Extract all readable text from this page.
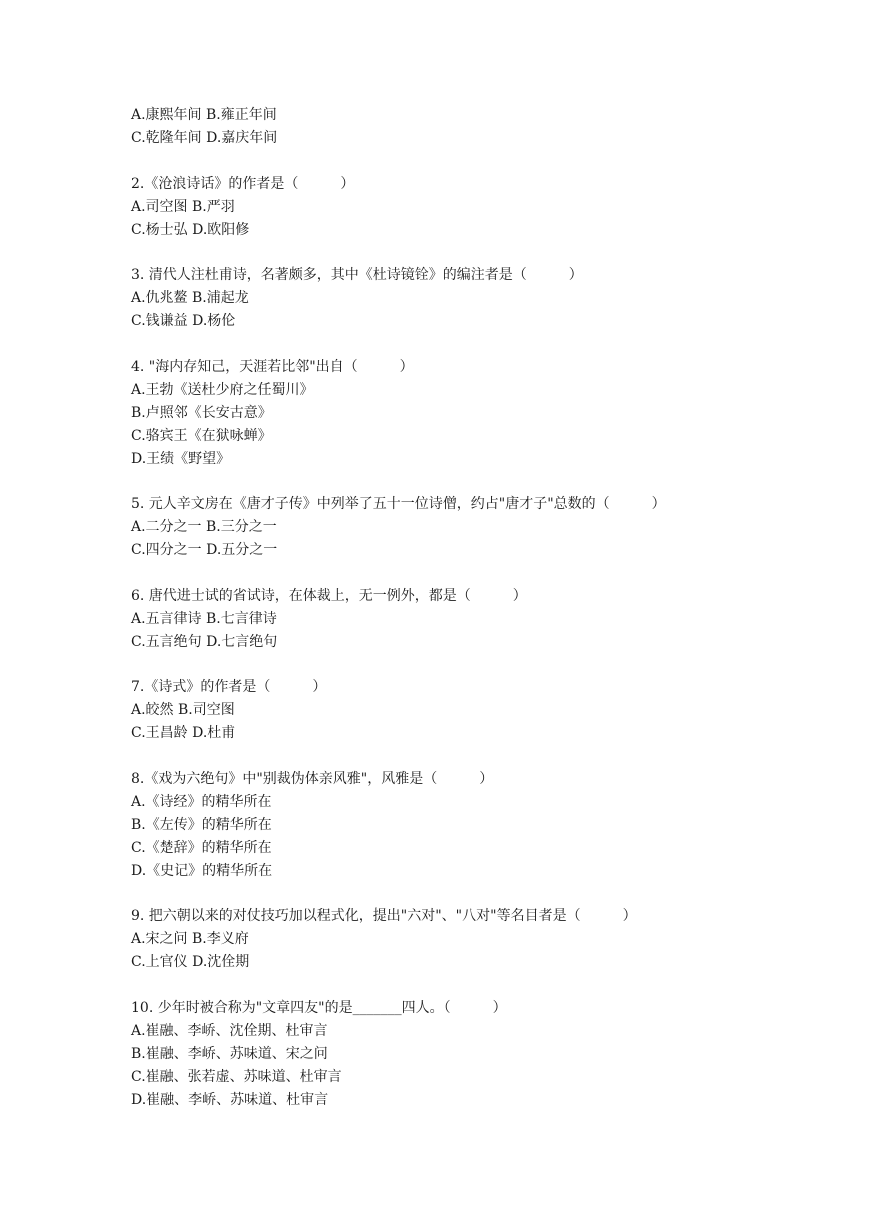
A.康熙年间 B.雍正年间
C.乾隆年间 D.嘉庆年间
2.《沧浪诗话》的作者是（　　　）
A.司空图 B.严羽
C.杨士弘 D.欧阳修
3. 清代人注杜甫诗，名著颇多，其中《杜诗镜铨》的编注者是（　　　）
A.仇兆鳌 B.浦起龙
C.钱谦益 D.杨伦
4. "海内存知己，天涯若比邻"出自（　　　）
A.王勃《送杜少府之任蜀川》
B.卢照邻《长安古意》
C.骆宾王《在狱咏蝉》
D.王绩《野望》
5. 元人辛文房在《唐才子传》中列举了五十一位诗僧，约占"唐才子"总数的（　　　）
A.二分之一 B.三分之一
C.四分之一 D.五分之一
6. 唐代进士试的省试诗，在体裁上，无一例外，都是（　　　）
A.五言律诗 B.七言律诗
C.五言绝句 D.七言绝句
7.《诗式》的作者是（　　　）
A.皎然 B.司空图
C.王昌龄 D.杜甫
8.《戏为六绝句》中"别裁伪体亲风雅"，风雅是（　　　）
A.《诗经》的精华所在
B.《左传》的精华所在
C.《楚辞》的精华所在
D.《史记》的精华所在
9. 把六朝以来的对仗技巧加以程式化，提出"六对"、"八对"等名目者是（　　　）
A.宋之问 B.李义府
C.上官仪 D.沈佺期
10. 少年时被合称为"文章四友"的是_______四人。（　　　）
A.崔融、李峤、沈佺期、杜审言
B.崔融、李峤、苏味道、宋之问
C.崔融、张若虚、苏味道、杜审言
D.崔融、李峤、苏味道、杜审言
